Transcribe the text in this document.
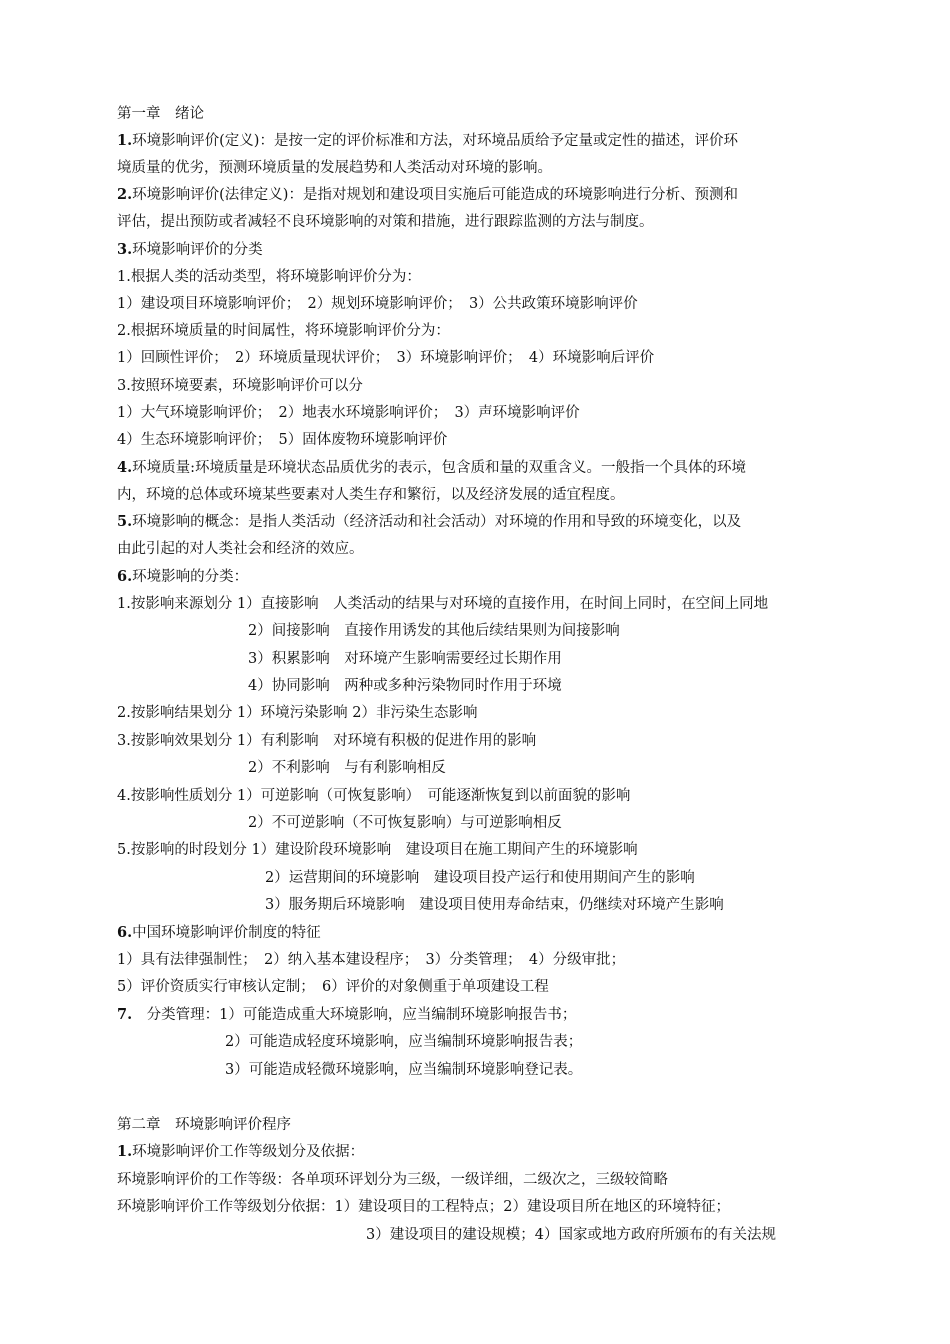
第一章　绪论
1.环境影响评价(定义)：是按一定的评价标准和方法，对环境品质给予定量或定性的描述，评价环
境质量的优劣，预测环境质量的发展趋势和人类活动对环境的影响。
2.环境影响评价(法律定义)：是指对规划和建设项目实施后可能造成的环境影响进行分析、预测和
评估，提出预防或者减轻不良环境影响的对策和措施，进行跟踪监测的方法与制度。
3.环境影响评价的分类
1.根据人类的活动类型，将环境影响评价分为：
1）建设项目环境影响评价；　2）规划环境影响评价；　3）公共政策环境影响评价
2.根据环境质量的时间属性，将环境影响评价分为：
1）回顾性评价；　2）环境质量现状评价；　3）环境影响评价；　4）环境影响后评价
3.按照环境要素，环境影响评价可以分
1）大气环境影响评价；　2）地表水环境影响评价；　3）声环境影响评价
4）生态环境影响评价；　5）固体废物环境影响评价
4.环境质量:环境质量是环境状态品质优劣的表示，包含质和量的双重含义。一般指一个具体的环境
内，环境的总体或环境某些要素对人类生存和繁衍，以及经济发展的适宜程度。
5.环境影响的概念：是指人类活动（经济活动和社会活动）对环境的作用和导致的环境变化，以及
由此引起的对人类社会和经济的效应。
6.环境影响的分类：
1.按影响来源划分 1）直接影响　人类活动的结果与对环境的直接作用，在时间上同时，在空间上同地
2）间接影响　直接作用诱发的其他后续结果则为间接影响
3）积累影响　对环境产生影响需要经过长期作用
4）协同影响　两种或多种污染物同时作用于环境
2.按影响结果划分 1）环境污染影响 2）非污染生态影响
3.按影响效果划分 1）有利影响　对环境有积极的促进作用的影响
2）不利影响　与有利影响相反
4.按影响性质划分 1）可逆影响（可恢复影响）　可能逐渐恢复到以前面貌的影响
2）不可逆影响（不可恢复影响）与可逆影响相反
5.按影响的时段划分 1）建设阶段环境影响　建设项目在施工期间产生的环境影响
2）运营期间的环境影响　建设项目投产运行和使用期间产生的影响
3）服务期后环境影响　建设项目使用寿命结束，仍继续对环境产生影响
6.中国环境影响评价制度的特征
1）具有法律强制性；　2）纳入基本建设程序；　3）分类管理；　4）分级审批；
5）评价资质实行审核认定制；　6）评价的对象侧重于单项建设工程
7.　分类管理：1）可能造成重大环境影响，应当编制环境影响报告书；
2）可能造成轻度环境影响，应当编制环境影响报告表；
3）可能造成轻微环境影响，应当编制环境影响登记表。
第二章　环境影响评价程序
1.环境影响评价工作等级划分及依据：
环境影响评价的工作等级：各单项环评划分为三级，一级详细，二级次之，三级较简略
环境影响评价工作等级划分依据：1）建设项目的工程特点；2）建设项目所在地区的环境特征；
3）建设项目的建设规模；4）国家或地方政府所颁布的有关法规
